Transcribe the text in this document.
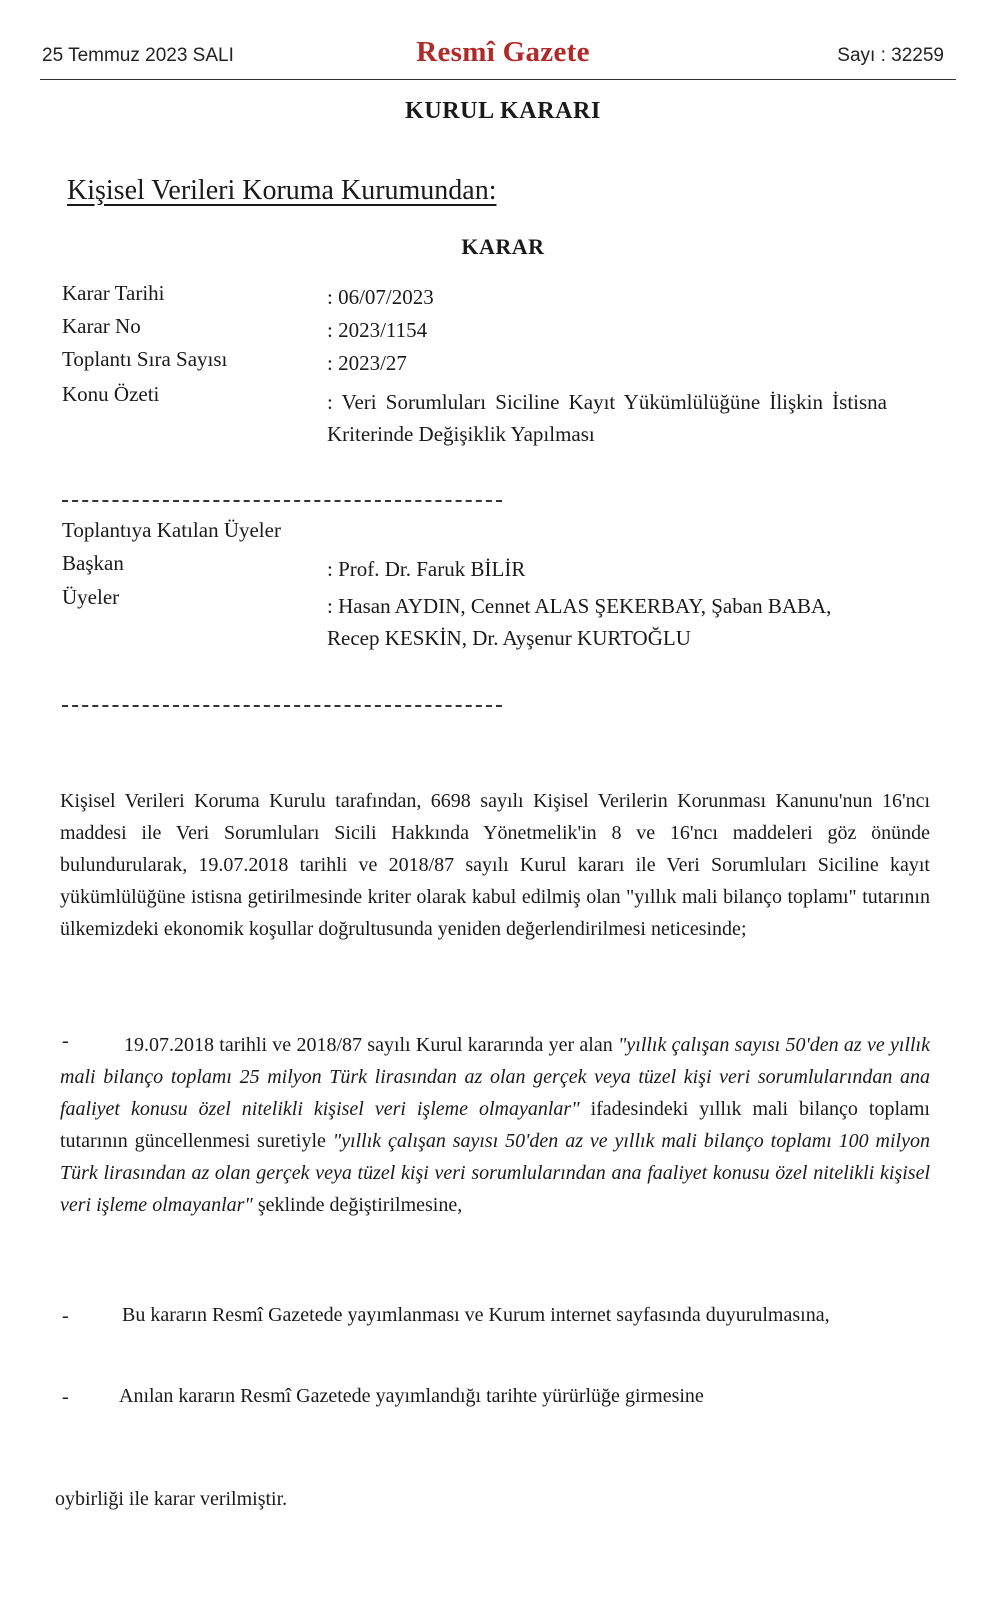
25 Temmuz 2023 SALI	Resmî Gazete	Sayı : 32259
KURUL KARARI
Kişisel Verileri Koruma Kurumundan:
KARAR
Karar Tarihi	: 06/07/2023
Karar No	: 2023/1154
Toplantı Sıra Sayısı	: 2023/27
Konu Özeti	: Veri Sorumluları Siciline Kayıt Yükümlülüğüne İlişkin İstisna Kriterinde Değişiklik Yapılması
Toplantıya Katılan Üyeler
Başkan	: Prof. Dr. Faruk BİLİR
Üyeler	: Hasan AYDIN, Cennet ALAS ŞEKERBAY, Şaban BABA, Recep KESKİN, Dr. Ayşenur KURTOĞLU
Kişisel Verileri Koruma Kurulu tarafından, 6698 sayılı Kişisel Verilerin Korunması Kanunu'nun 16'ncı maddesi ile Veri Sorumluları Sicili Hakkında Yönetmelik'in 8 ve 16'ncı maddeleri göz önünde bulundurularak, 19.07.2018 tarihli ve 2018/87 sayılı Kurul kararı ile Veri Sorumluları Siciline kayıt yükümlülüğüne istisna getirilmesinde kriter olarak kabul edilmiş olan "yıllık mali bilanço toplamı" tutarının ülkemizdeki ekonomik koşullar doğrultusunda yeniden değerlendirilmesi neticesinde;
-	19.07.2018 tarihli ve 2018/87 sayılı Kurul kararında yer alan "yıllık çalışan sayısı 50'den az ve yıllık mali bilanço toplamı 25 milyon Türk lirasından az olan gerçek veya tüzel kişi veri sorumlularından ana faaliyet konusu özel nitelikli kişisel veri işleme olmayanlar" ifadesindeki yıllık mali bilanço toplamı tutarının güncellenmesi suretiyle "yıllık çalışan sayısı 50'den az ve yıllık mali bilanço toplamı 100 milyon Türk lirasından az olan gerçek veya tüzel kişi veri sorumlularından ana faaliyet konusu özel nitelikli kişisel veri işleme olmayanlar" şeklinde değiştirilmesine,
-	Bu kararın Resmî Gazetede yayımlanması ve Kurum internet sayfasında duyurulmasına,
-	Anılan kararın Resmî Gazetede yayımlandığı tarihte yürürlüğe girmesine
oybirliği ile karar verilmiştir.
